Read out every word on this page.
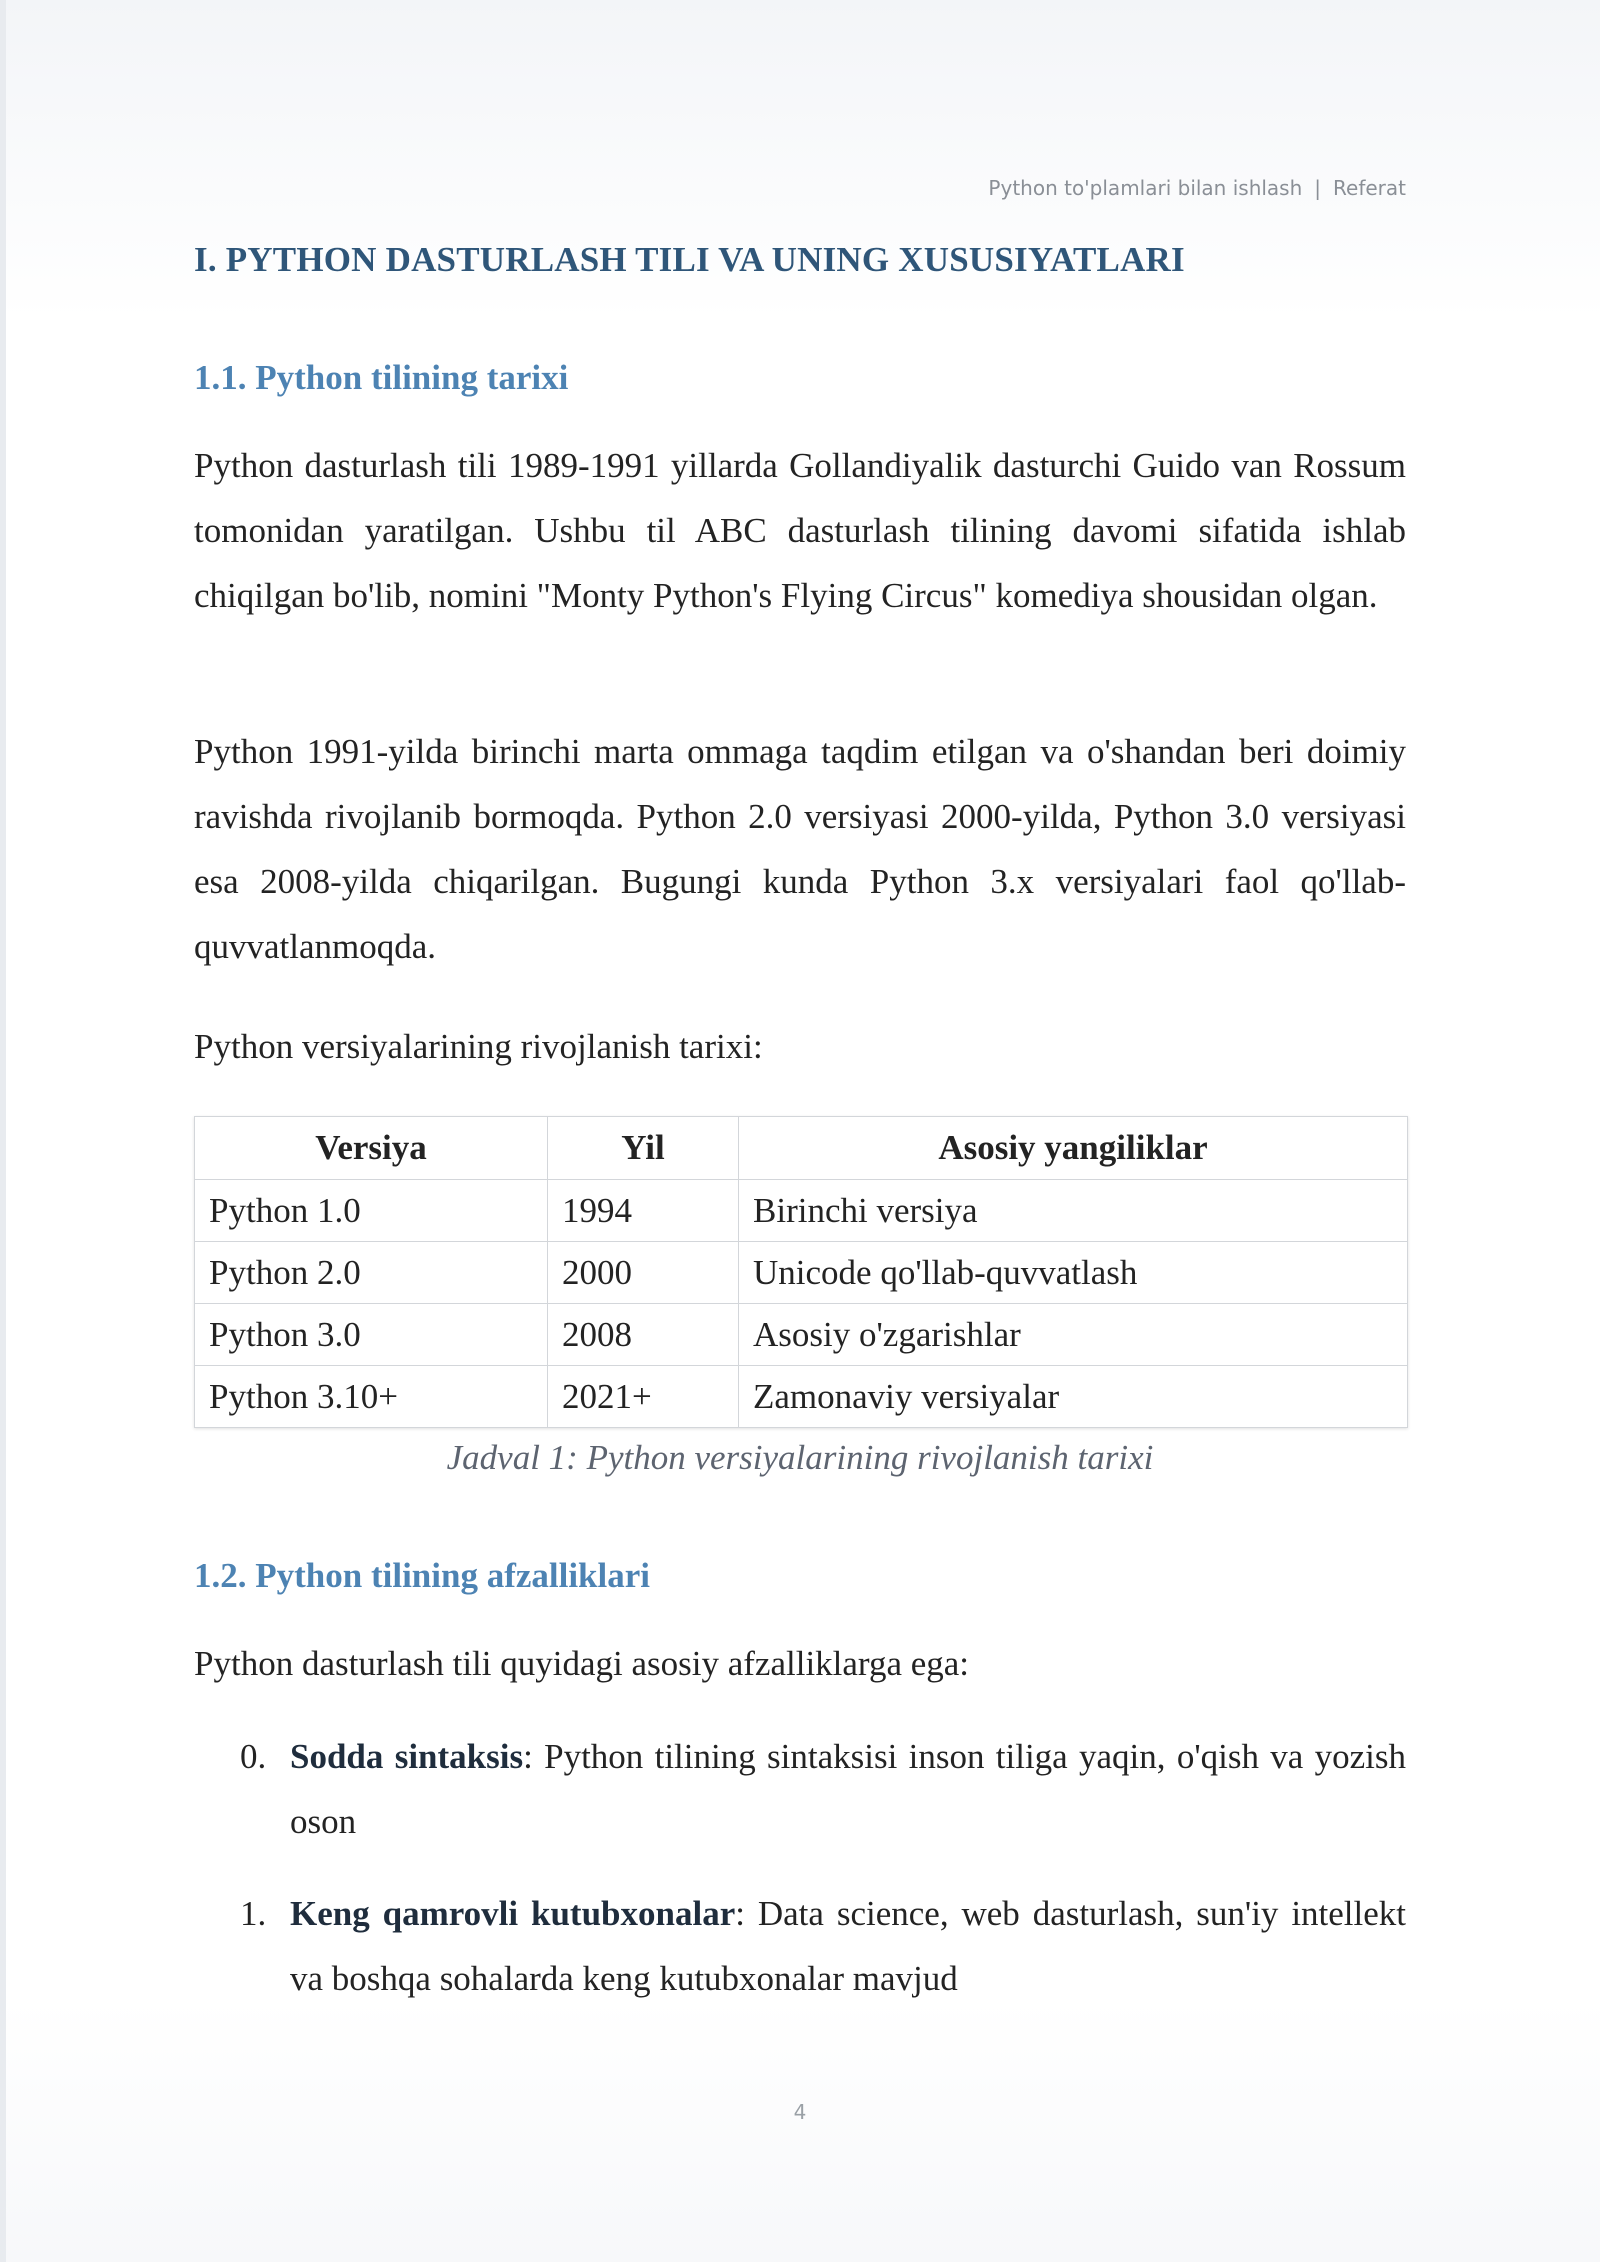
Python to'plamlari bilan ishlash | Referat
I. PYTHON DASTURLASH TILI VA UNING XUSUSIYATLARI
1.1. Python tilining tarixi

Python dasturlash tili 1989-1991 yillarda Gollandiyalik dasturchi Guido van Rossum tomonidan yaratilgan. Ushbu til ABC dasturlash tilining davomi sifatida ishlab chiqilgan bo'lib, nomini "Monty Python's Flying Circus" komediya shousidan olgan.

Python 1991-yilda birinchi marta ommaga taqdim etilgan va o'shandan beri doimiy ravishda rivojlanib bormoqda. Python 2.0 versiyasi 2000-yilda, Python 3.0 versiyasi esa 2008-yilda chiqarilgan. Bugungi kunda Python 3.x versiyalari faol qo'llab-quvvatlanmoqda.

Python versiyalarining rivojlanish tarixi:

Versiya	Yil	Asosiy yangiliklar
Python 1.0	1994	Birinchi versiya
Python 2.0	2000	Unicode qo'llab-quvvatlash
Python 3.0	2008	Asosiy o'zgarishlar
Python 3.10+	2021+	Zamonaviy versiyalar
Jadval 1: Python versiyalarining rivojlanish tarixi
1.2. Python tilining afzalliklari

Python dasturlash tili quyidagi asosiy afzalliklarga ega:

0. Sodda sintaksis: Python tilining sintaksisi inson tiliga yaqin, o'qish va yozish oson
1. Keng qamrovli kutubxonalar: Data science, web dasturlash, sun'iy intellekt va boshqa sohalarda keng kutubxonalar mavjud
4
